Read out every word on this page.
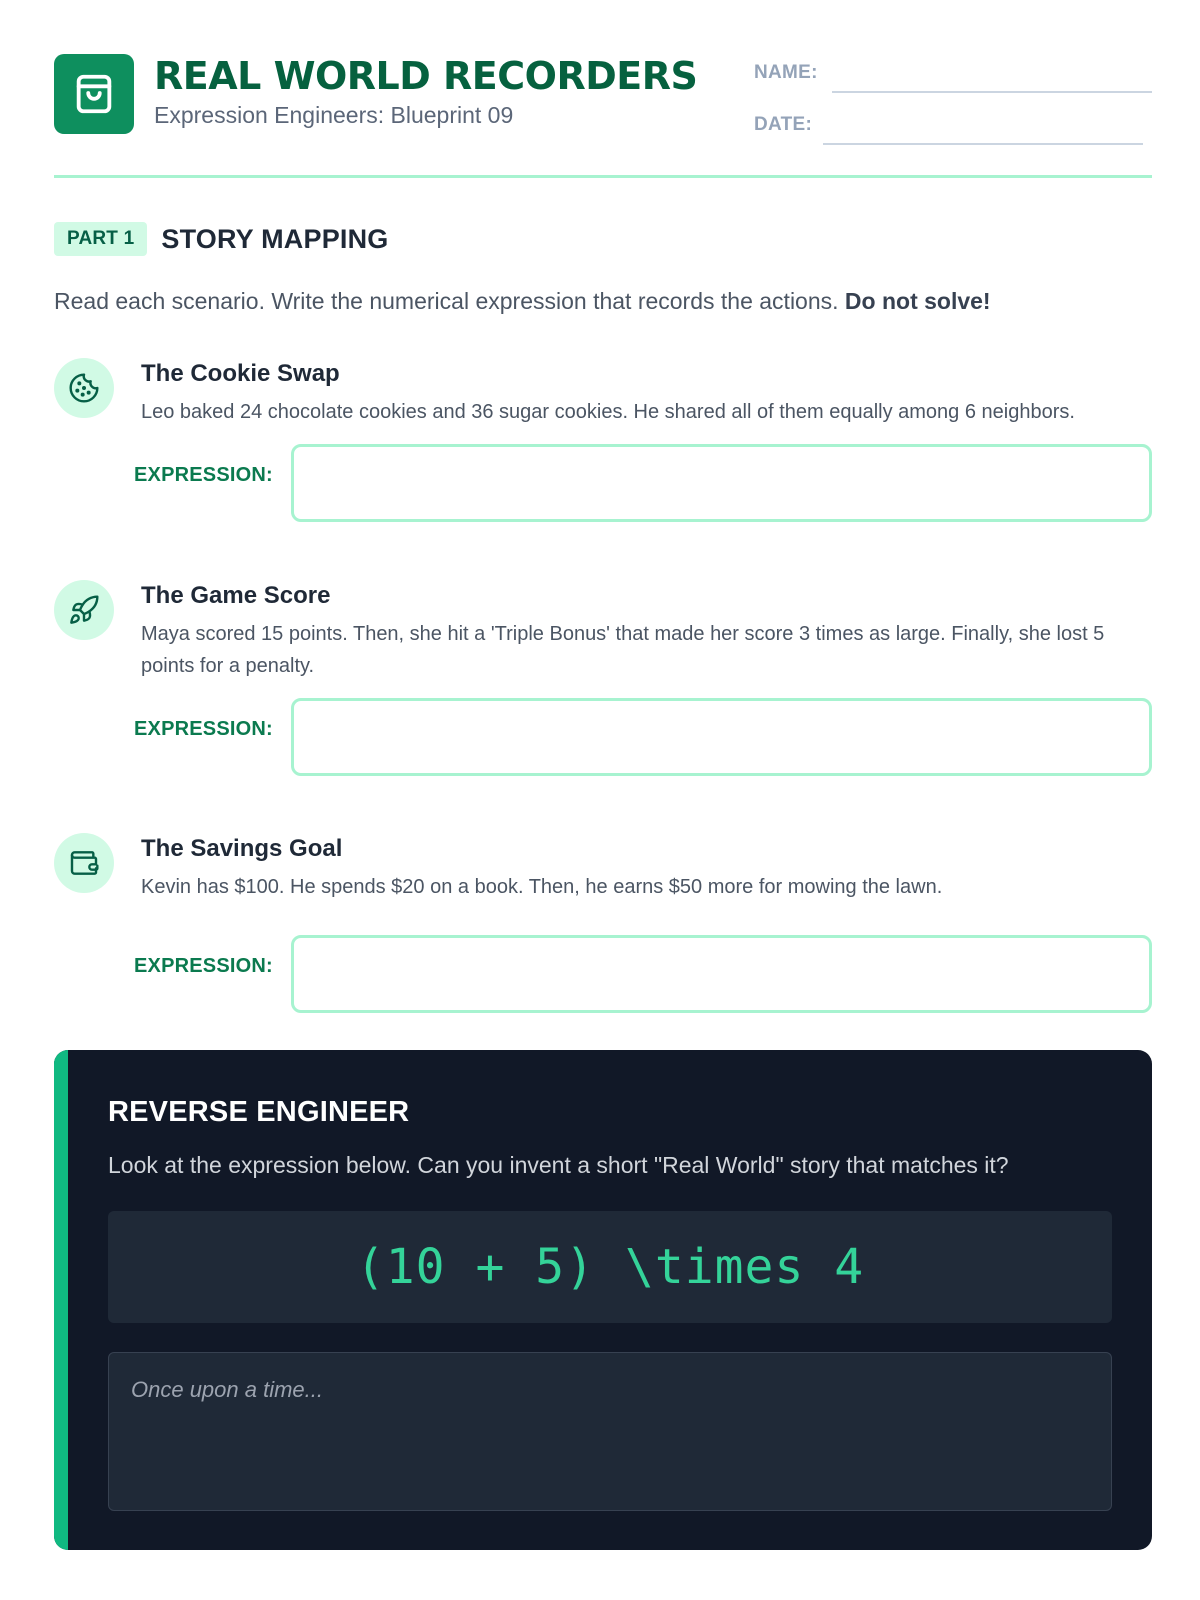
REAL WORLD RECORDERS
Expression Engineers: Blueprint 09
NAME:
DATE:
PART 1	STORY MAPPING
Read each scenario. Write the numerical expression that records the actions. Do not solve!
The Cookie Swap
Leo baked 24 chocolate cookies and 36 sugar cookies. He shared all of them equally among 6 neighbors.
EXPRESSION:
The Game Score
Maya scored 15 points. Then, she hit a 'Triple Bonus' that made her score 3 times as large. Finally, she lost 5 points for a penalty.
EXPRESSION:
The Savings Goal
Kevin has $100. He spends $20 on a book. Then, he earns $50 more for mowing the lawn.
EXPRESSION:
REVERSE ENGINEER
Look at the expression below. Can you invent a short "Real World" story that matches it?
(10 + 5) \times 4
Once upon a time...
